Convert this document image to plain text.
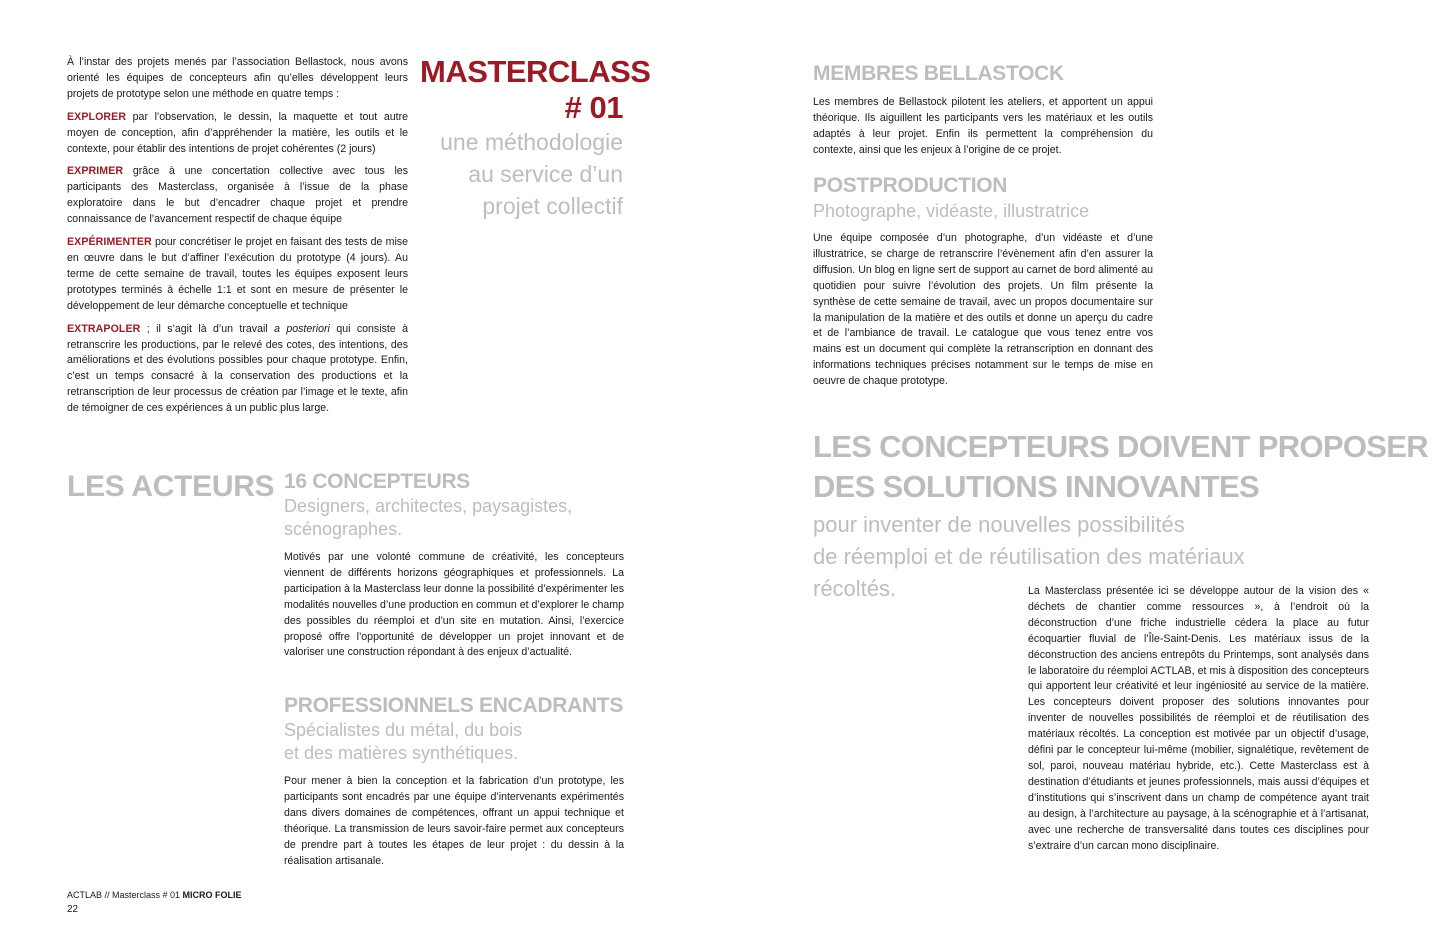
À l’instar des projets menés par l’association Bellastock, nous avons orienté les équipes de concepteurs afin qu’elles développent leurs projets de prototype selon une méthode en quatre temps :

EXPLORER par l’observation, le dessin, la maquette et tout autre moyen de conception, afin d’appréhender la matière, les outils et le contexte, pour établir des intentions de projet cohérentes (2 jours)

EXPRIMER grâce à une concertation collective avec tous les participants des Masterclass, organisée à l’issue de la phase exploratoire dans le but d’encadrer chaque projet et prendre connaissance de l’avancement respectif de chaque équipe

EXPÉRIMENTER pour concrétiser le projet en faisant des tests de mise en œuvre dans le but d’affiner l’exécution du prototype (4 jours). Au terme de cette semaine de travail, toutes les équipes exposent leurs prototypes terminés à échelle 1:1 et sont en mesure de présenter le développement de leur démarche conceptuelle et technique

EXTRAPOLER ; il s’agit là d’un travail a posteriori qui consiste à retranscrire les productions, par le relevé des cotes, des intentions, des améliorations et des évolutions possibles pour chaque prototype. Enfin, c’est un temps consacré à la conservation des productions et la retranscription de leur processus de création par l’image et le texte, afin de témoigner de ces expériences à un public plus large.

MASTERCLASS
# 01
une méthodologie
au service d’un
projet collectif
LES ACTEURS 16 CONCEPTEURS
Designers, architectes, paysagistes,
scénographes.

Motivés par une volonté commune de créativité, les concepteurs viennent de différents horizons géographiques et professionnels. La participation à la Masterclass leur donne la possibilité d’expérimenter les modalités nouvelles d’une production en commun et d’explorer le champ des possibles du réemploi et d’un site en mutation. Ainsi, l’exercice proposé offre l’opportunité de développer un projet innovant et de valoriser une construction répondant à des enjeux d’actualité.

PROFESSIONNELS ENCADRANTS
Spécialistes du métal, du bois
et des matières synthétiques.

Pour mener à bien la conception et la fabrication d’un prototype, les participants sont encadrés par une équipe d’intervenants expérimentés dans divers domaines de compétences, offrant un appui technique et théorique. La transmission de leurs savoir-faire permet aux concepteurs de prendre part à toutes les étapes de leur projet : du dessin à la réalisation artisanale.

ACTLAB // Masterclass # 01 MICRO FOLIE
22
MEMBRES BELLASTOCK

Les membres de Bellastock pilotent les ateliers, et apportent un appui théorique. Ils aiguillent les participants vers les matériaux et les outils adaptés à leur projet. Enfin ils permettent la compréhension du contexte, ainsi que les enjeux à l’origine de ce projet.

POSTPRODUCTION
Photographe, vidéaste, illustratrice

Une équipe composée d’un photographe, d’un vidéaste et d’une illustratrice, se charge de retranscrire l’évènement afin d’en assurer la diffusion. Un blog en ligne sert de support au carnet de bord alimenté au quotidien pour suivre l’évolution des projets. Un film présente la synthèse de cette semaine de travail, avec un propos documentaire sur la manipulation de la matière et des outils et donne un aperçu du cadre et de l’ambiance de travail. Le catalogue que vous tenez entre vos mains est un document qui complète la retranscription en donnant des informations techniques précises notamment sur le temps de mise en oeuvre de chaque prototype.

LES CONCEPTEURS DOIVENT PROPOSER
DES SOLUTIONS INNOVANTES
pour inventer de nouvelles possibilités
de réemploi et de réutilisation des matériaux
récoltés.	La Masterclass présentée ici se développe autour de la vision des « déchets de chantier comme ressources », à l’endroit où la déconstruction d’une friche industrielle cédera la place au futur écoquartier fluvial de l’Île-Saint-Denis. Les matériaux issus de la déconstruction des anciens entrepôts du Printemps, sont analysés dans le laboratoire du réemploi ACTLAB, et mis à disposition des concepteurs qui apportent leur créativité et leur ingéniosité au service de la matière. Les concepteurs doivent proposer des solutions innovantes pour inventer de nouvelles possibilités de réemploi et de réutilisation des matériaux récoltés. La conception est motivée par un objectif d’usage, défini par le concepteur lui-même (mobilier, signalétique, revêtement de sol, paroi, nouveau matériau hybride, etc.). Cette Masterclass est à destination d’étudiants et jeunes professionnels, mais aussi d’équipes et d’institutions qui s’inscrivent dans un champ de compétence ayant trait au design, à l’architecture au paysage, à la scénographie et à l’artisanat, avec une recherche de transversalité dans toutes ces disciplines pour s’extraire d’un carcan mono disciplinaire.
